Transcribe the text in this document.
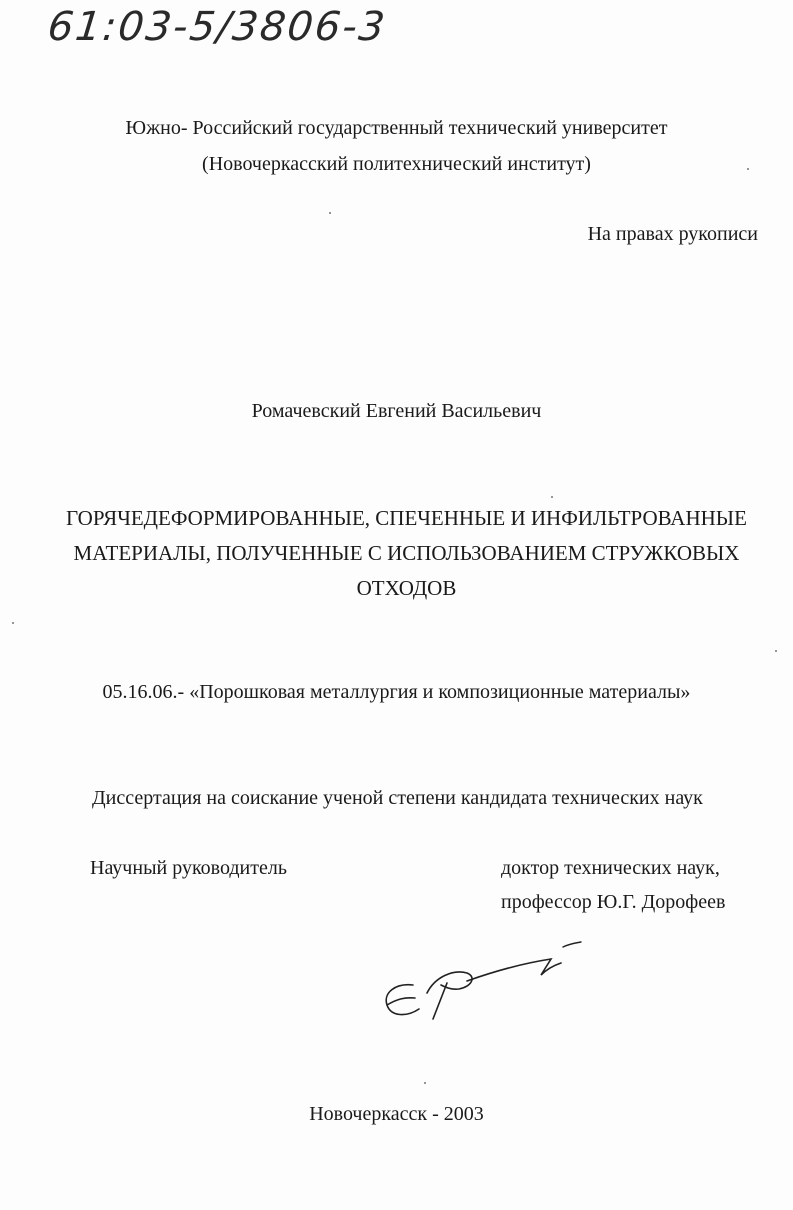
61:03-5/3806-3
Южно- Российский государственный технический университет
(Новочеркасский политехнический институт)
На правах рукописи
Ромачевский Евгений Васильевич
ГОРЯЧЕДЕФОРМИРОВАННЫЕ, СПЕЧЕННЫЕ И ИНФИЛЬТРОВАННЫЕ
МАТЕРИАЛЫ, ПОЛУЧЕННЫЕ С ИСПОЛЬЗОВАНИЕМ СТРУЖКОВЫХ
ОТХОДОВ
05.16.06.- «Порошковая металлургия и композиционные материалы»
Диссертация на соискание ученой степени кандидата технических наук
Научный руководитель	доктор технических наук,
профессор Ю.Г. Дорофеев
Новочеркасск - 2003
